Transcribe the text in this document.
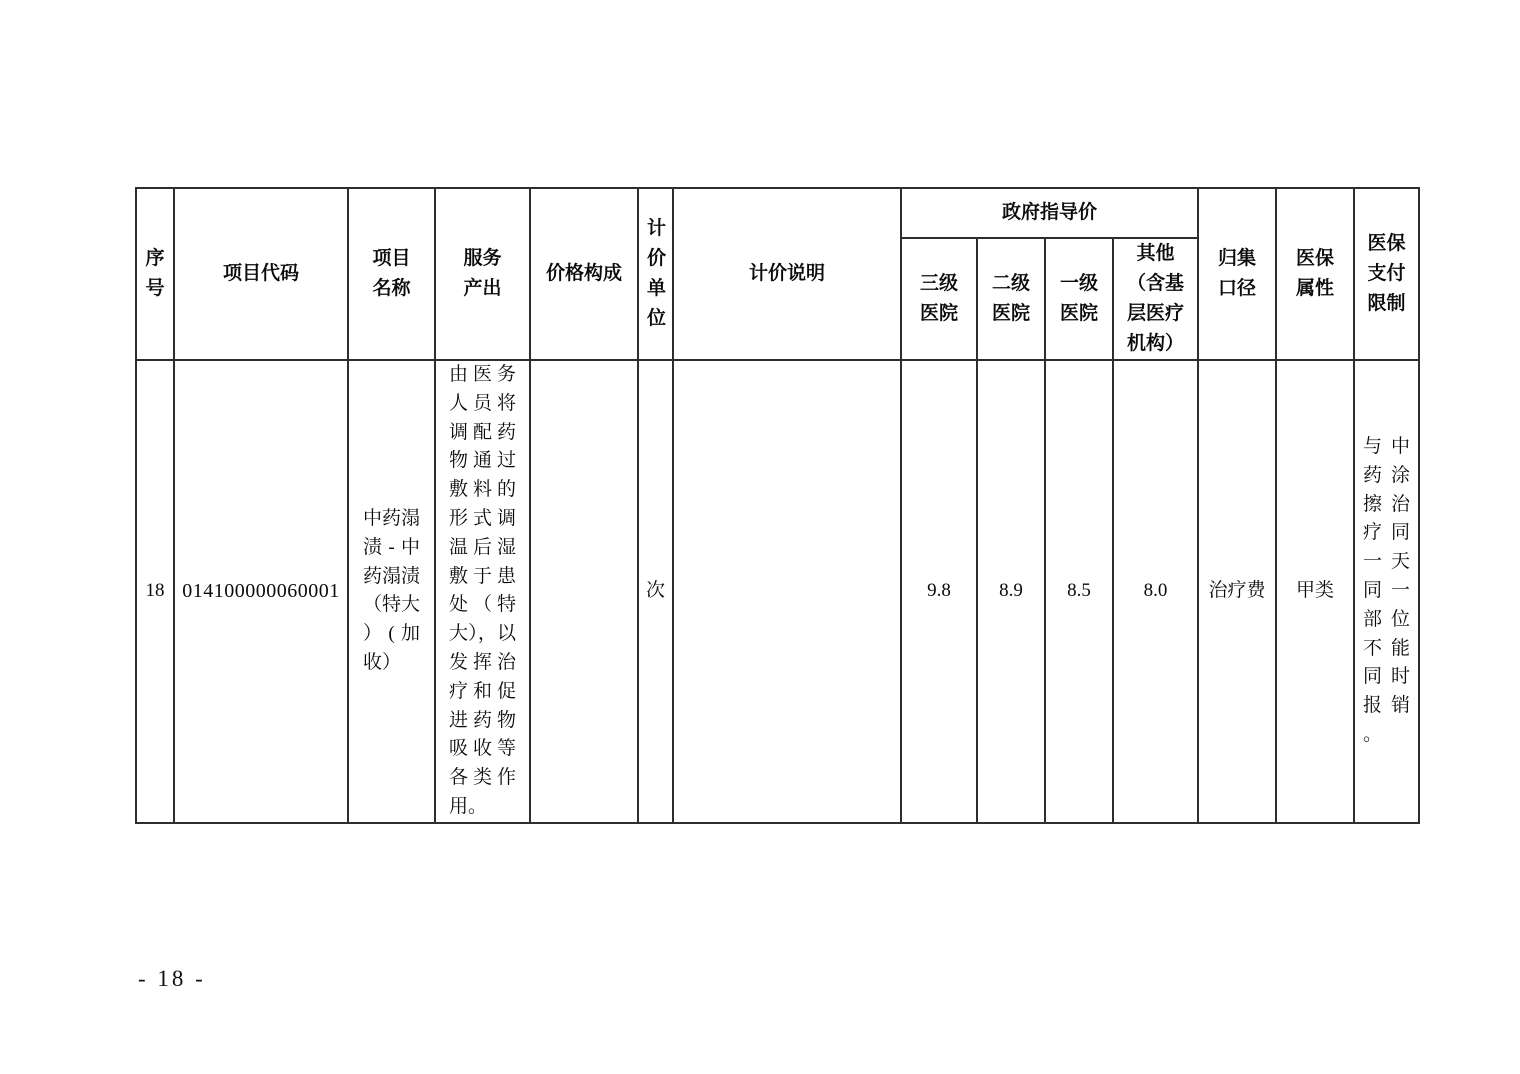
序号	项目代码	项目名称	服务产出	价格构成	计价单位	计价说明	政府指导价				归集口径	医保属性	医保支付限制
							三级医院	二级医院	一级医院	其他（含基层医疗机构）			
18	014100000060001	中药溻渍-中药溻渍（特大）(加收）	由医务人员将调配药物通过敷料的形式调温后湿敷于患处（特大），以发挥治疗和促进药物吸收等各类作用。		次		9.8	8.9	8.5	8.0	治疗费	甲类	与中药涂擦治疗同一天同一部位不能同时报销。
- 18 -
